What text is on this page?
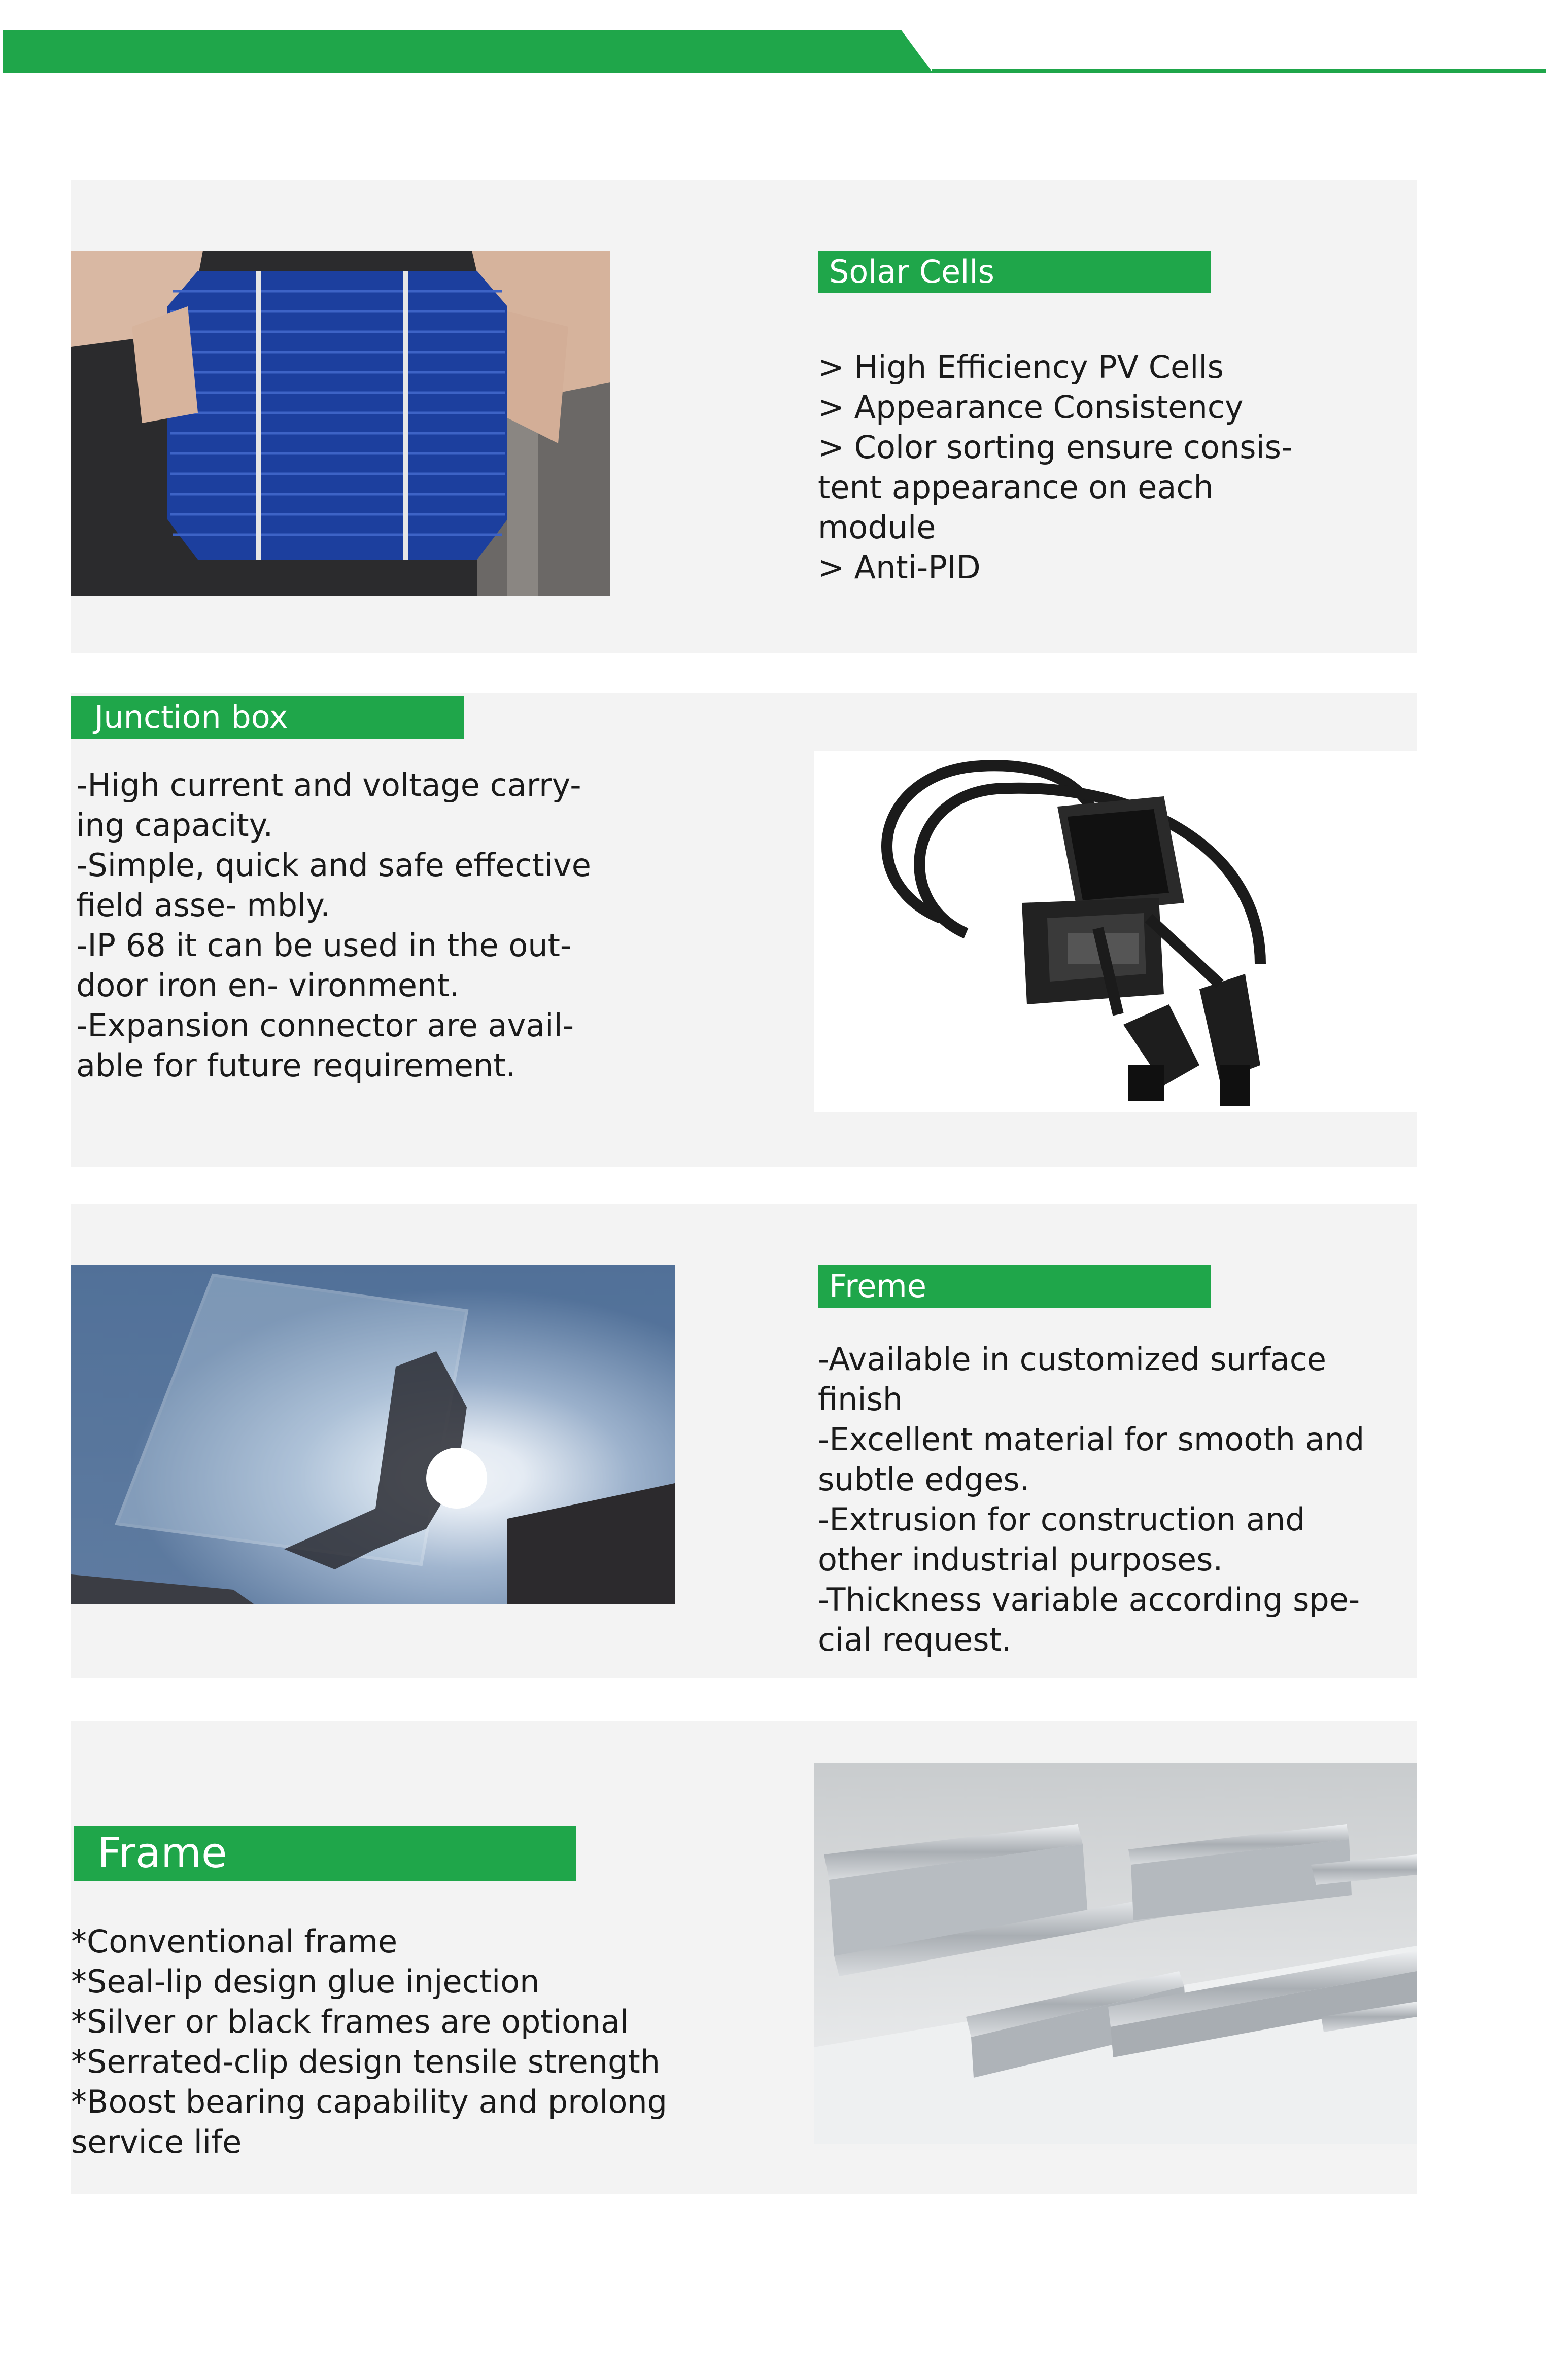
Solar Cells
> High Efficiency PV Cells
> Appearance Consistency
> Color sorting ensure consis-
tent appearance on each
module
> Anti-PID
Junction box
-High current and voltage carry-
ing capacity.
-Simple, quick and safe effective
field asse- mbly.
-IP 68 it can be used in the out-
door iron en- vironment.
-Expansion connector are avail-
able for future requirement.
Freme
-Available in customized surface
finish
-Excellent material for smooth and
subtle edges.
-Extrusion for construction and
other industrial purposes.
-Thickness variable according spe-
cial request.
Frame
*Conventional frame
*Seal-lip design glue injection
*Silver or black frames are optional
*Serrated-clip design tensile strength
*Boost bearing capability and prolong
service life
